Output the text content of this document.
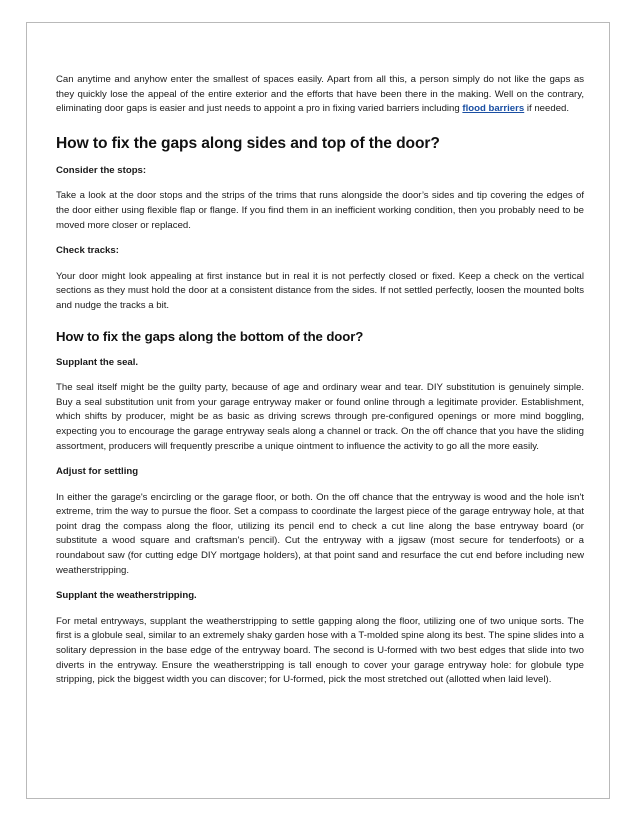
Can anytime and anyhow enter the smallest of spaces easily. Apart from all this, a person simply do not like the gaps as they quickly lose the appeal of the entire exterior and the efforts that have been there in the making. Well on the contrary, eliminating door gaps is easier and just needs to appoint a pro in fixing varied barriers including flood barriers if needed.

How to fix the gaps along sides and top of the door?
Consider the stops:

Take a look at the door stops and the strips of the trims that runs alongside the door’s sides and tip covering the edges of the door either using flexible flap or flange. If you find them in an inefficient working condition, then you probably need to be moved more closer or replaced.

Check tracks:

Your door might look appealing at first instance but in real it is not perfectly closed or fixed. Keep a check on the vertical sections as they must hold the door at a consistent distance from the sides. If not settled perfectly, loosen the mounted bolts and nudge the tracks a bit.

How to fix the gaps along the bottom of the door?
Supplant the seal.

The seal itself might be the guilty party, because of age and ordinary wear and tear. DIY substitution is genuinely simple. Buy a seal substitution unit from your garage entryway maker or found online through a legitimate provider. Establishment, which shifts by producer, might be as basic as driving screws through pre-configured openings or more mind boggling, expecting you to encourage the garage entryway seals along a channel or track. On the off chance that you have the sliding assortment, producers will frequently prescribe a unique ointment to influence the activity to go all the more easily.

Adjust for settling

In either the garage's encircling or the garage floor, or both. On the off chance that the entryway is wood and the hole isn't extreme, trim the way to pursue the floor. Set a compass to coordinate the largest piece of the garage entryway hole, at that point drag the compass along the floor, utilizing its pencil end to check a cut line along the base entryway board (or substitute a wood square and craftsman's pencil). Cut the entryway with a jigsaw (most secure for tenderfoots) or a roundabout saw (for cutting edge DIY mortgage holders), at that point sand and resurface the cut end before including new weatherstripping.

Supplant the weatherstripping.

For metal entryways, supplant the weatherstripping to settle gapping along the floor, utilizing one of two unique sorts. The first is a globule seal, similar to an extremely shaky garden hose with a T-molded spine along its best. The spine slides into a solitary depression in the base edge of the entryway board. The second is U-formed with two best edges that slide into two diverts in the entryway. Ensure the weatherstripping is tall enough to cover your garage entryway hole: for globule type stripping, pick the biggest width you can discover; for U-formed, pick the most stretched out (allotted when laid level).
